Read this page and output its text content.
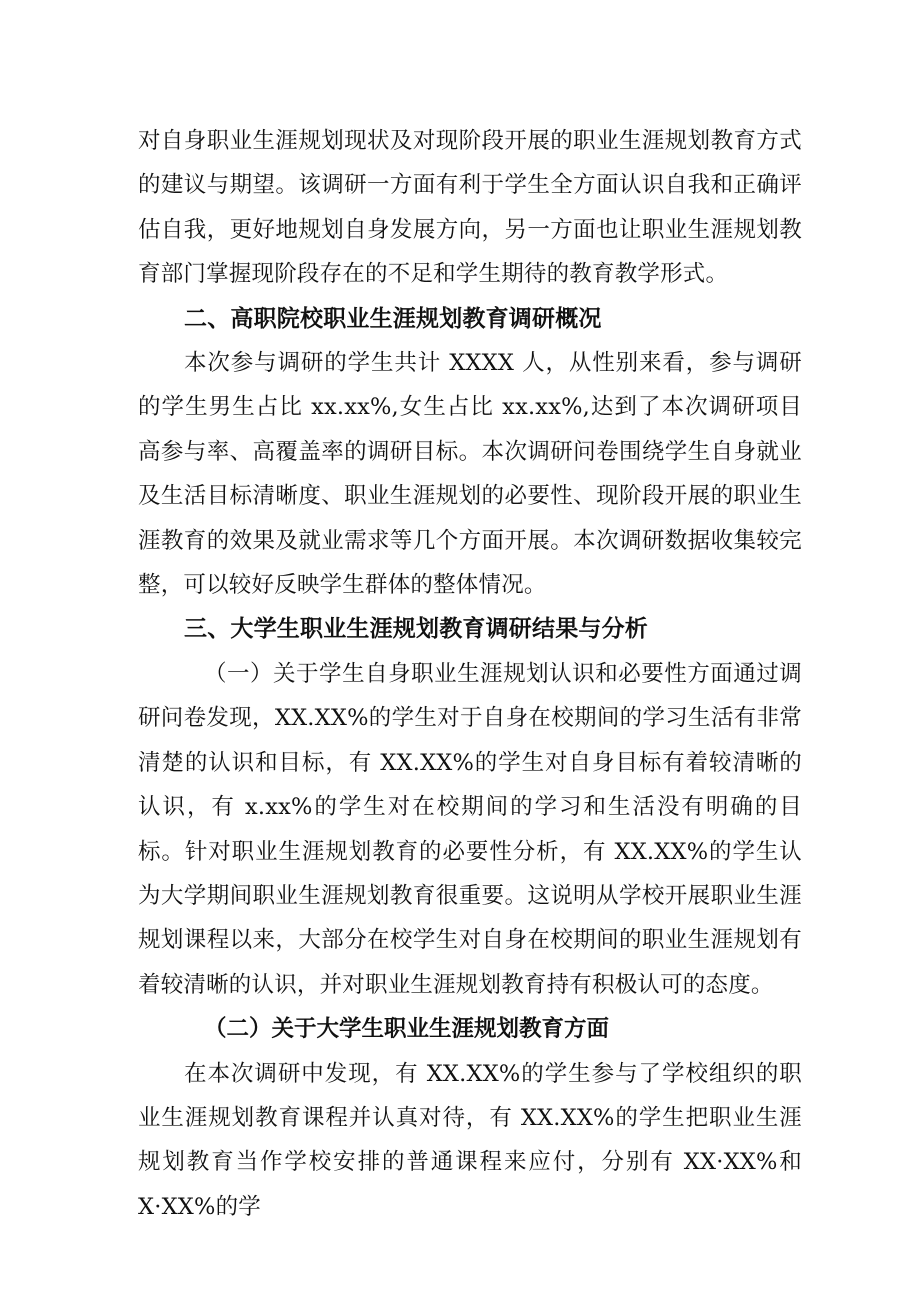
对自身职业生涯规划现状及对现阶段开展的职业生涯规划教育方式的建议与期望。该调研一方面有利于学生全方面认识自我和正确评估自我，更好地规划自身发展方向，另一方面也让职业生涯规划教育部门掌握现阶段存在的不足和学生期待的教育教学形式。

二、高职院校职业生涯规划教育调研概况

本次参与调研的学生共计 XXXX 人，从性别来看，参与调研的学生男生占比 xx.xx%,女生占比 xx.xx%,达到了本次调研项目高参与率、高覆盖率的调研目标。本次调研问卷围绕学生自身就业及生活目标清晰度、职业生涯规划的必要性、现阶段开展的职业生涯教育的效果及就业需求等几个方面开展。本次调研数据收集较完整，可以较好反映学生群体的整体情况。

三、大学生职业生涯规划教育调研结果与分析

（一）关于学生自身职业生涯规划认识和必要性方面通过调研问卷发现，XX.XX%的学生对于自身在校期间的学习生活有非常清楚的认识和目标，有 XX.XX%的学生对自身目标有着较清晰的认识，有 x.xx%的学生对在校期间的学习和生活没有明确的目标。针对职业生涯规划教育的必要性分析，有 XX.XX%的学生认为大学期间职业生涯规划教育很重要。这说明从学校开展职业生涯规划课程以来，大部分在校学生对自身在校期间的职业生涯规划有着较清晰的认识，并对职业生涯规划教育持有积极认可的态度。

（二）关于大学生职业生涯规划教育方面

在本次调研中发现，有 XX.XX%的学生参与了学校组织的职业生涯规划教育课程并认真对待，有 XX.XX%的学生把职业生涯规划教育当作学校安排的普通课程来应付，分别有 XX·XX%和 X·XX%的学
